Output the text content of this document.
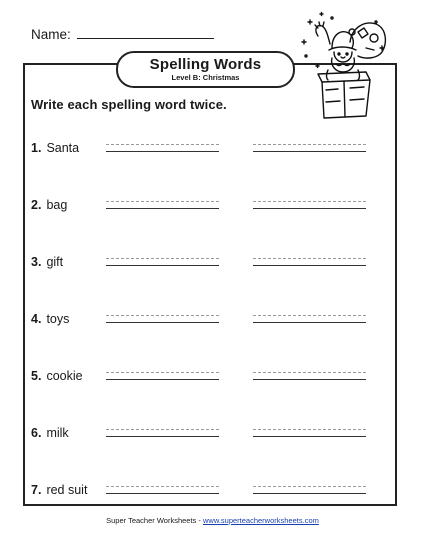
Name:
Spelling Words
Level B: Christmas
Write each spelling word twice.
1. Santa
2. bag
3. gift
4. toys
5. cookie
6. milk
7. red suit
Super Teacher Worksheets - www.superteacherworksheets.com
